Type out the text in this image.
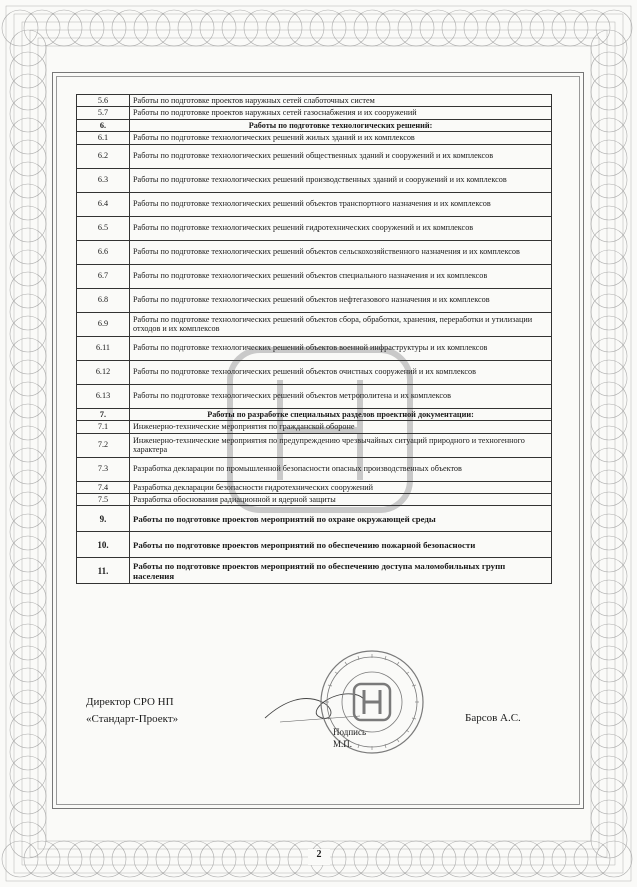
5.6	Работы по подготовке проектов наружных сетей слаботочных систем
5.7	Работы по подготовке проектов наружных сетей газоснабжения и их сооружений
6.	Работы по подготовке технологических решений:
6.1	Работы по подготовке технологических решений жилых зданий и их комплексов
6.2	Работы по подготовке технологических решений общественных зданий и сооружений и их комплексов
6.3	Работы по подготовке технологических решений производственных зданий и сооружений и их комплексов
6.4	Работы по подготовке технологических решений объектов транспортного назначения и их комплексов
6.5	Работы по подготовке технологических решений гидротехнических сооружений и их комплексов
6.6	Работы по подготовке технологических решений объектов сельскохозяйственного назначения и их комплексов
6.7	Работы по подготовке технологических решений объектов специального назначения и их комплексов
6.8	Работы по подготовке технологических решений объектов нефтегазового назначения и их комплексов
6.9	Работы по подготовке технологических решений объектов сбора, обработки, хранения, переработки и утилизации отходов и их комплексов
6.11	Работы по подготовке технологических решений объектов военной инфраструктуры и их комплексов
6.12	Работы по подготовке технологических решений объектов очистных сооружений и их комплексов
6.13	Работы по подготовке технологических решений объектов метрополитена и их комплексов
7.	Работы по разработке специальных разделов проектной документации:
7.1	Инженерно-технические мероприятия по гражданской обороне
7.2	Инженерно-технические мероприятия по предупреждению чрезвычайных ситуаций природного и техногенного характера
7.3	Разработка декларации по промышленной безопасности опасных производственных объектов
7.4	Разработка декларации безопасности гидротехнических сооружений
7.5	Разработка обоснования радиационной и ядерной защиты
9.	Работы по подготовке проектов мероприятий по охране окружающей среды
10.	Работы по подготовке проектов мероприятий по обеспечению пожарной безопасности
11.	Работы по подготовке проектов мероприятий по обеспечению доступа маломобильных групп населения
Директор СРО НП
«Стандарт-Проект»
Подпись
М.П.
Барсов А.С.
2
